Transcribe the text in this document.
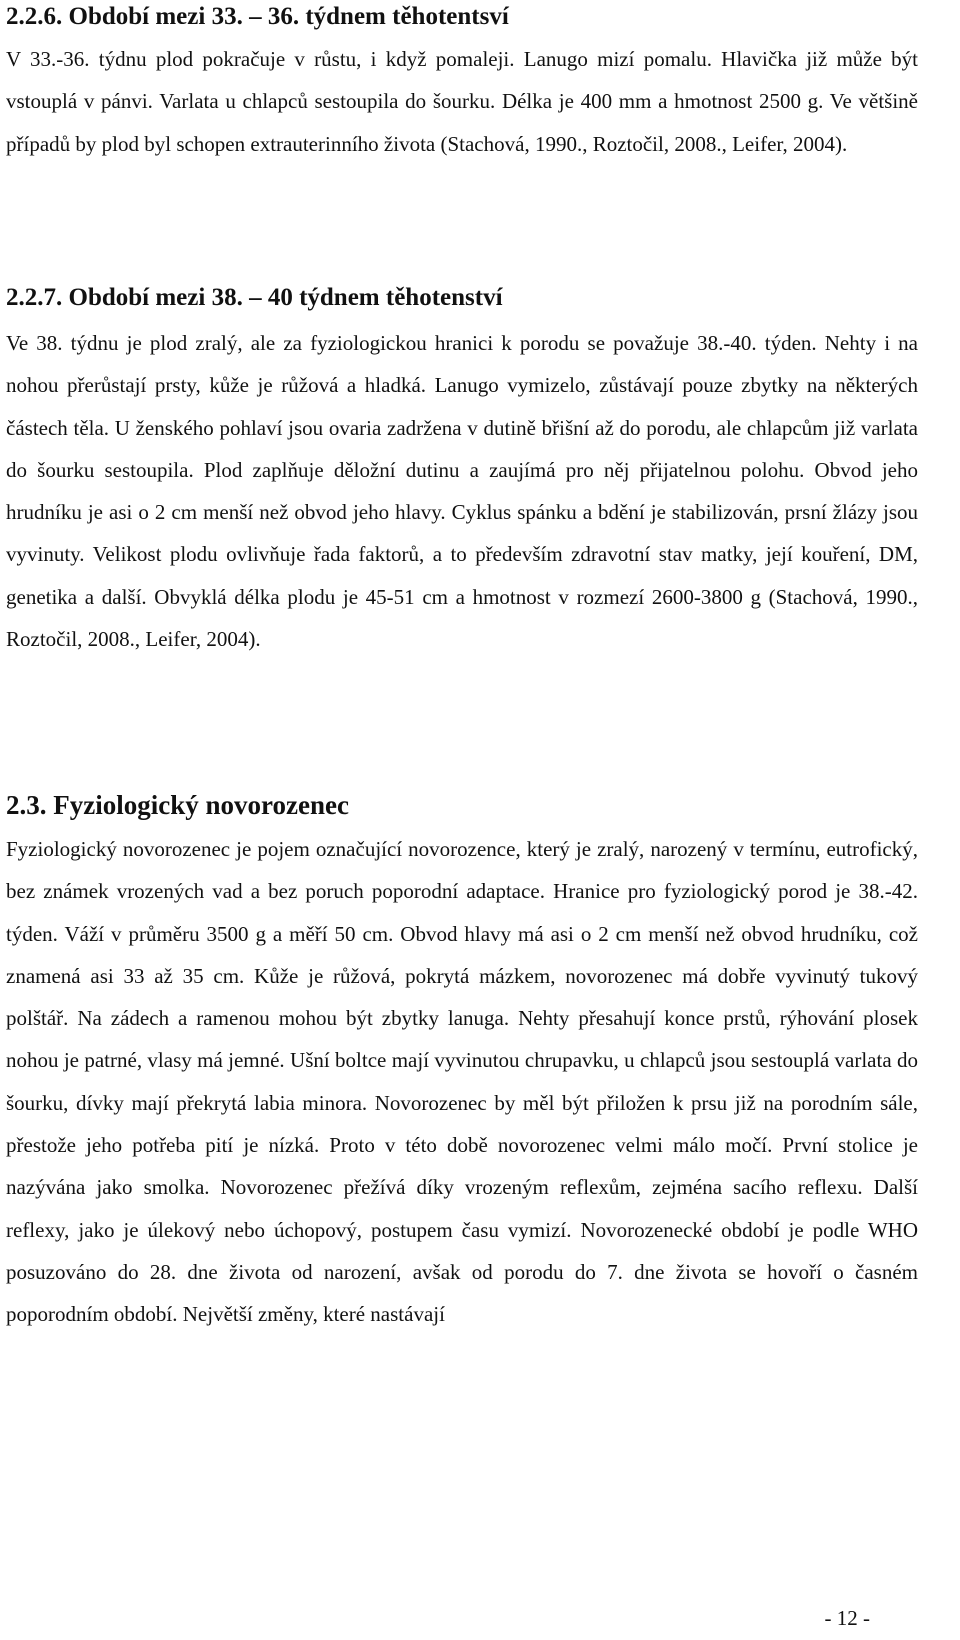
2.2.6. Období mezi 33. – 36. týdnem těhotentsví

V 33.-36. týdnu plod pokračuje v růstu, i když pomaleji. Lanugo mizí pomalu. Hlavička již může být vstouplá v pánvi. Varlata u chlapců sestoupila do šourku. Délka je 400 mm a hmotnost 2500 g. Ve většině případů by plod byl schopen extrauterinního života (Stachová, 1990., Roztočil, 2008., Leifer, 2004).

2.2.7. Období mezi 38. – 40 týdnem těhotenství

Ve 38. týdnu je plod zralý, ale za fyziologickou hranici k porodu se považuje 38.-40. týden. Nehty i na nohou přerůstají prsty, kůže je růžová a hladká. Lanugo vymizelo, zůstávají pouze zbytky na některých částech těla. U ženského pohlaví jsou ovaria zadržena v dutině břišní až do porodu, ale chlapcům již varlata do šourku sestoupila. Plod zaplňuje děložní dutinu a zaujímá pro něj přijatelnou polohu. Obvod jeho hrudníku je asi o 2 cm menší než obvod jeho hlavy. Cyklus spánku a bdění je stabilizován, prsní žlázy jsou vyvinuty. Velikost plodu ovlivňuje řada faktorů, a to především zdravotní stav matky, její kouření, DM, genetika a další. Obvyklá délka plodu je 45-51 cm a hmotnost v rozmezí 2600-3800 g (Stachová, 1990., Roztočil, 2008., Leifer, 2004).

2.3. Fyziologický novorozenec

Fyziologický novorozenec je pojem označující novorozence, který je zralý, narozený v termínu, eutrofický, bez známek vrozených vad a bez poruch poporodní adaptace. Hranice pro fyziologický porod je 38.-42. týden. Váží v průměru 3500 g a měří 50 cm. Obvod hlavy má asi o 2 cm menší než obvod hrudníku, což znamená asi 33 až 35 cm. Kůže je růžová, pokrytá mázkem, novorozenec má dobře vyvinutý tukový polštář. Na zádech a ramenou mohou být zbytky lanuga. Nehty přesahují konce prstů, rýhování plosek nohou je patrné, vlasy má jemné. Ušní boltce mají vyvinutou chrupavku, u chlapců jsou sestouplá varlata do šourku, dívky mají překrytá labia minora. Novorozenec by měl být přiložen k prsu již na porodním sále, přestože jeho potřeba pití je nízká. Proto v této době novorozenec velmi málo močí. První stolice je nazývána jako smolka. Novorozenec přežívá díky vrozeným reflexům, zejména sacího reflexu. Další reflexy, jako je úlekový nebo úchopový, postupem času vymizí. Novorozenecké období je podle WHO posuzováno do 28. dne života od narození, avšak od porodu do 7. dne života se hovoří o časném poporodním období. Největší změny, které nastávají

- 12 -
